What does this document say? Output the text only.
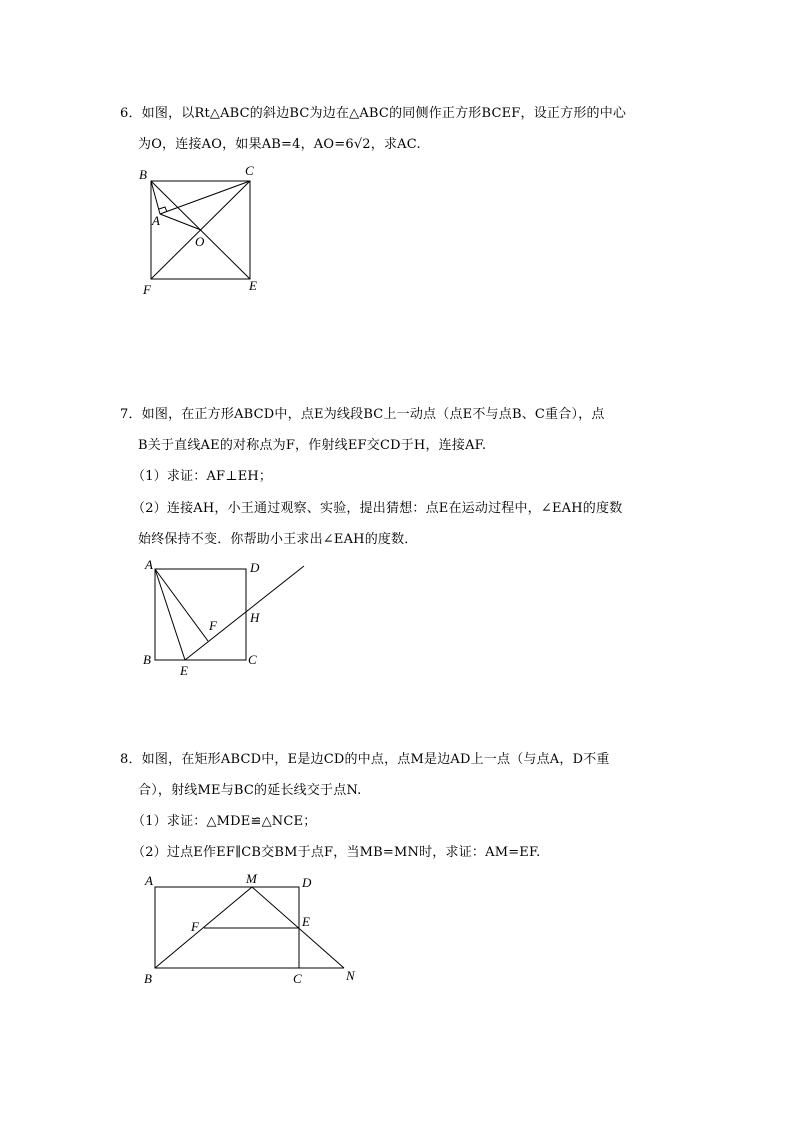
6．如图，以Rt△ABC的斜边BC为边在△ABC的同侧作正方形BCEF，设正方形的中心
为O，连接AO，如果AB=4，AO=6√2，求AC.
B	C
A
O
F	E
7．如图，在正方形ABCD中，点E为线段BC上一动点（点E不与点B、C重合），点
B关于直线AE的对称点为F，作射线EF交CD于H，连接AF.
（1）求证：AF⊥EH；
（2）连接AH，小王通过观察、实验，提出猜想：点E在运动过程中，∠EAH的度数
始终保持不变．你帮助小王求出∠EAH的度数．
A	D
F
H
B
E
C
8．如图，在矩形ABCD中，E是边CD的中点，点M是边AD上一点（与点A，D不重
合），射线ME与BC的延长线交于点N.
（1）求证：△MDE≌△NCE；
（2）过点E作EF∥CB交BM于点F，当MB=MN时，求证：AM=EF.
A	M	D
F	E
B	C	N
